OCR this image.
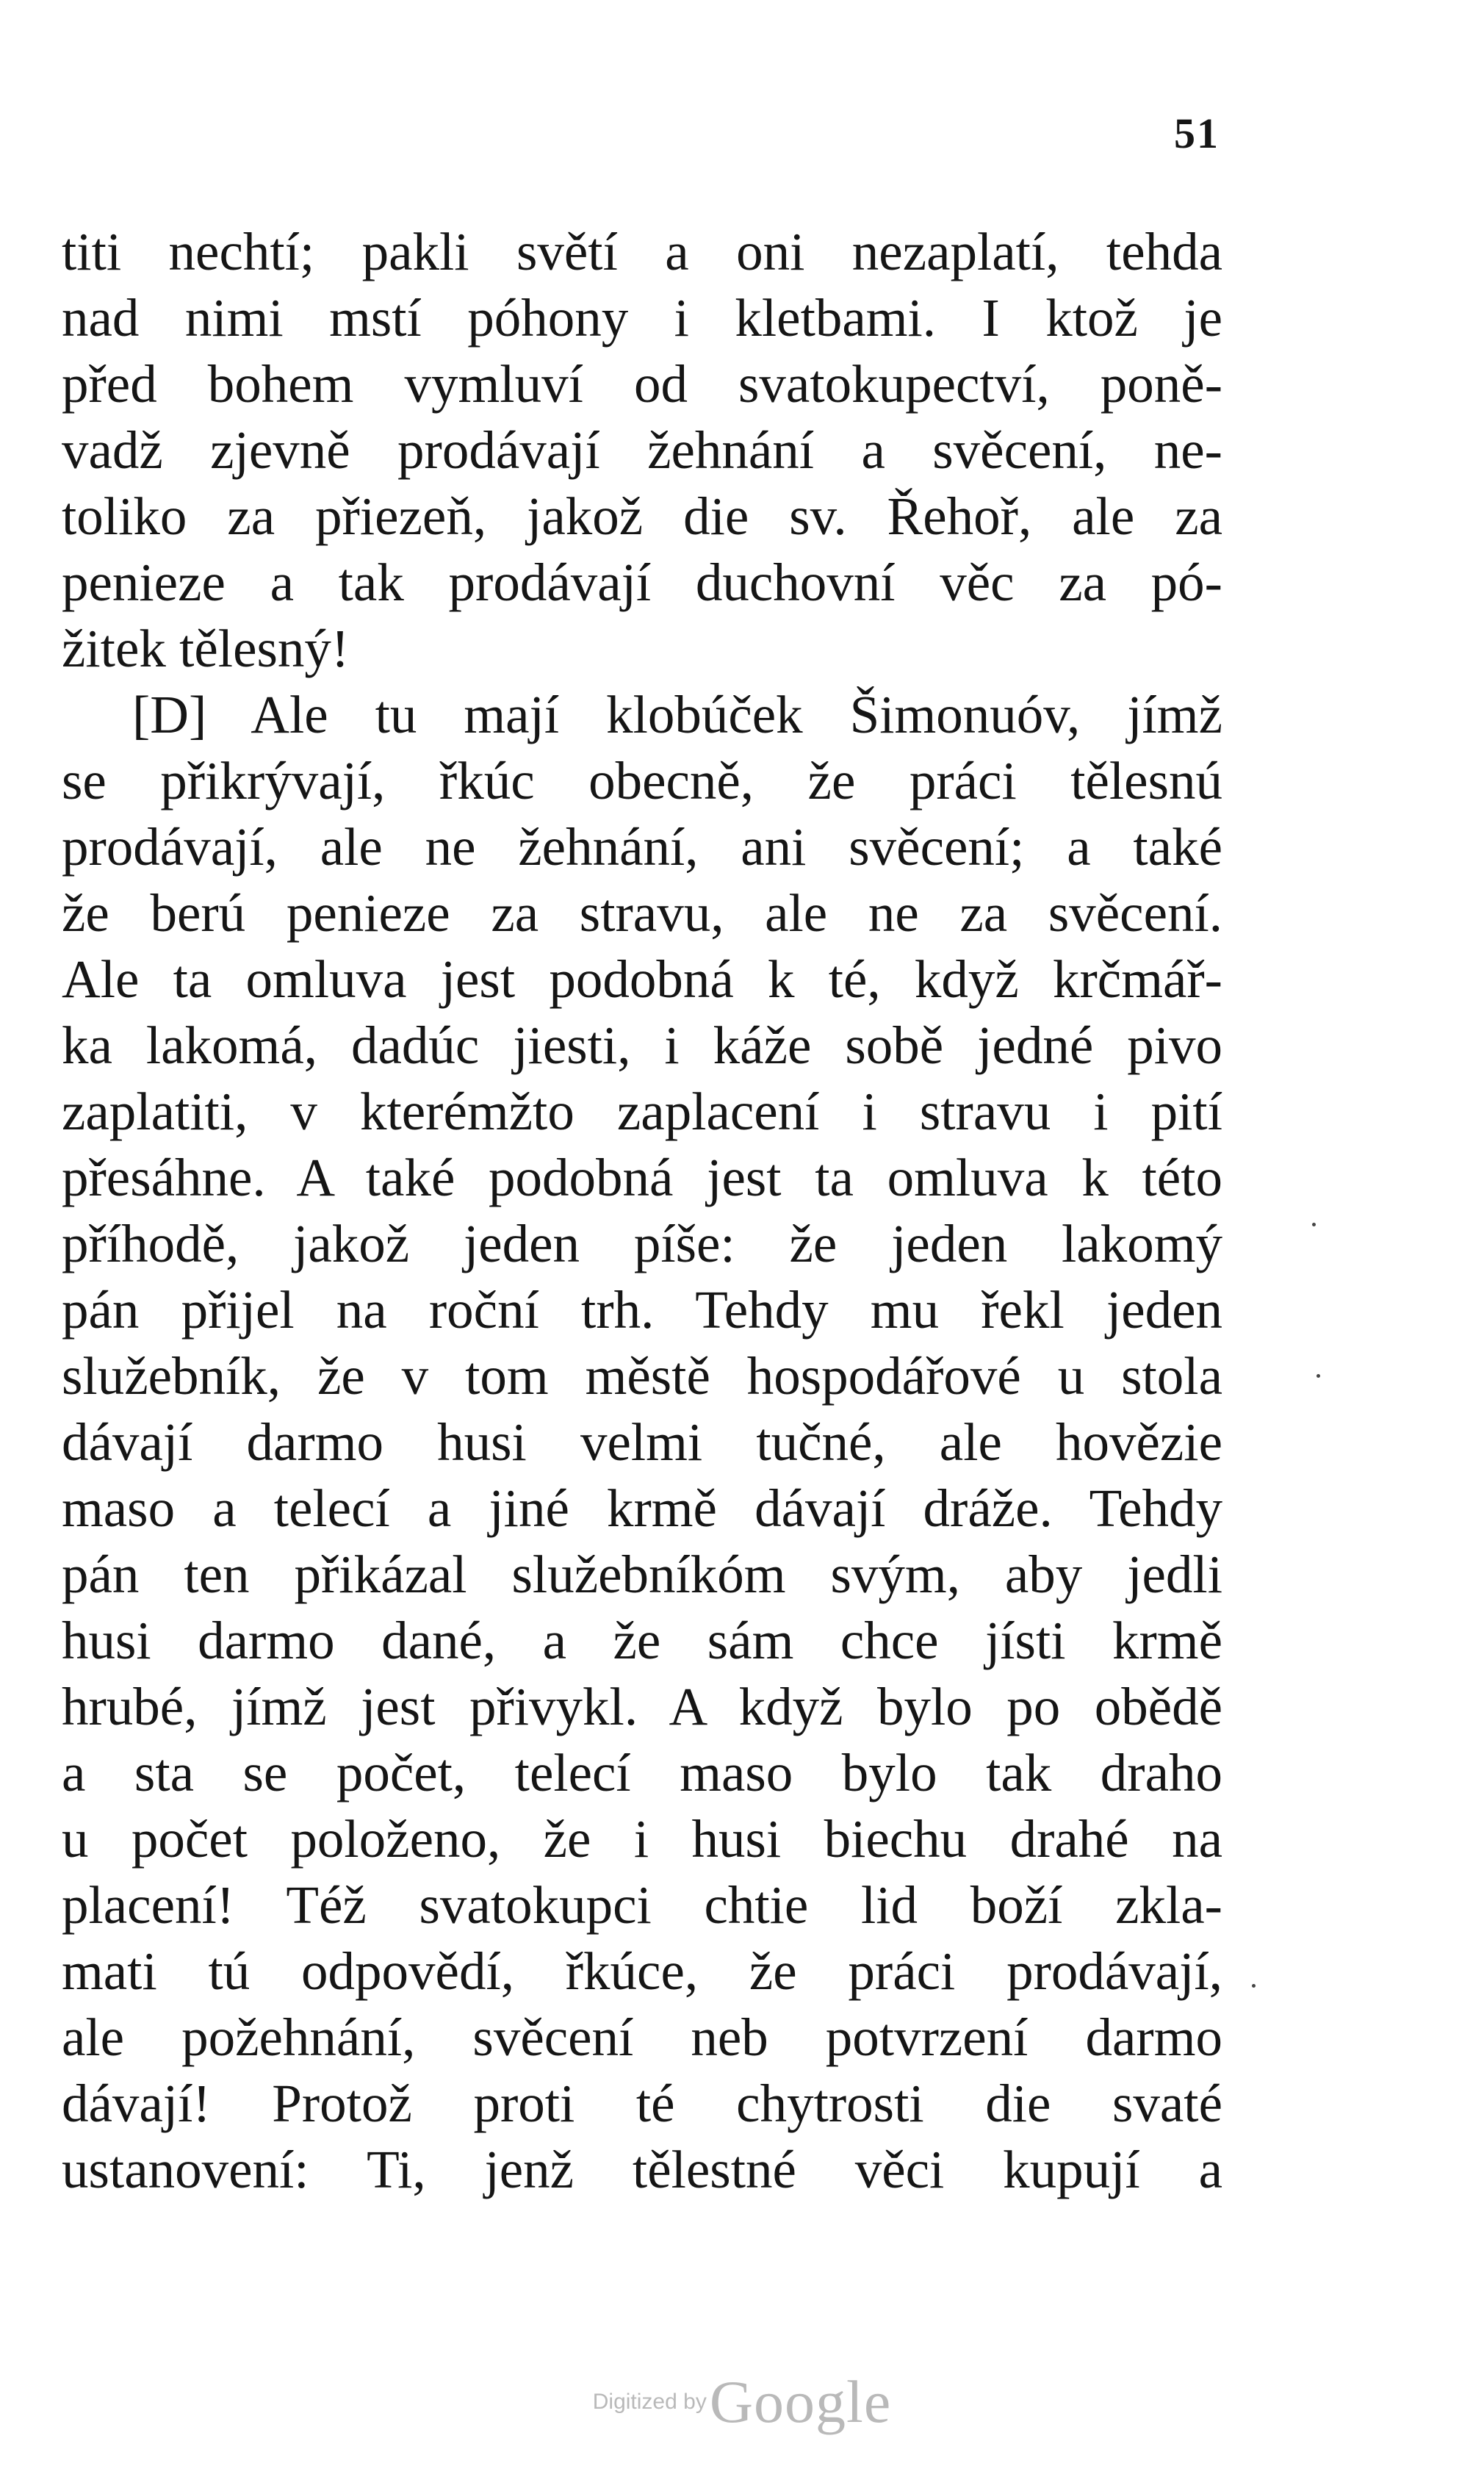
51
titi nechtí; pakli světí a oni nezaplatí, tehda
nad nimi mstí póhony i kletbami. I ktož je
před bohem vymluví od svatokupectví, poně-
vadž zjevně prodávají žehnání a svěcení, ne-
toliko za přiezeň, jakož die sv. Řehoř, ale za
penieze a tak prodávají duchovní věc za pó-
žitek tělesný!
[D] Ale tu mají klobúček Šimonuóv, jímž
se přikrývají, řkúc obecně, že práci tělesnú
prodávají, ale ne žehnání, ani svěcení; a také
že berú penieze za stravu, ale ne za svěcení.
Ale ta omluva jest podobná k té, když krčmář-
ka lakomá, dadúc jiesti, i káže sobě jedné pivo
zaplatiti, v kterémžto zaplacení i stravu i pití
přesáhne. A také podobná jest ta omluva k této
příhodě, jakož jeden píše: že jeden lakomý
pán přijel na roční trh. Tehdy mu řekl jeden
služebník, že v tom městě hospodářové u stola
dávají darmo husi velmi tučné, ale hovězie
maso a telecí a jiné krmě dávají dráže. Tehdy
pán ten přikázal služebníkóm svým, aby jedli
husi darmo dané, a že sám chce jísti krmě
hrubé, jímž jest přivykl. A když bylo po obědě
a sta se počet, telecí maso bylo tak draho
u počet položeno, že i husi biechu drahé na
placení! Též svatokupci chtie lid boží zkla-
mati tú odpovědí, řkúce, že práci prodávají,
ale požehnání, svěcení neb potvrzení darmo
dávají! Protož proti té chytrosti die svaté
ustanovení: Ti, jenž tělestné věci kupují a
Digitized by Google
